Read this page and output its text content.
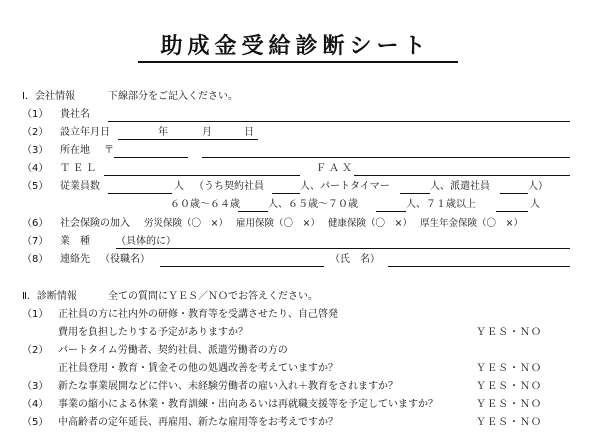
助成金受給診断シート
Ⅰ．会社情報	下線部分をご記入ください。
（1） 貴社名
（2） 設立年月日	年	月	日
（3） 所在地 〒
（4） ＴＥＬ	ＦＡＸ
（5） 従業員数	人 （うち契約社員	人、パートタイマー	人、派遣社員	人）
６０歳～６４歳	人、６５歳～７０歳	人、７１歳以上	人
（6） 社会保険の加入 労災保険（〇　×） 雇用保険（〇　×） 健康保険（〇　×） 厚生年金保険（〇　×）
（7） 業　種	（具体的に）
（8） 連絡先 （役職名）	（氏　名）
Ⅱ．診断情報	全ての質問にＹＥＳ／ＮＯでお答えください。
（1） 正社員の方に社内外の研修・教育等を受講させたり、自己啓発
費用を負担したりする予定がありますか？	ＹＥＳ・ＮＯ
（2） パートタイム労働者、契約社員、派遣労働者の方の
正社員登用・教育・賃金その他の処遇改善を考えていますか？	ＹＥＳ・ＮＯ
（3） 新たな事業展開などに伴い、未経験労働者の雇い入れ＋教育をされますか？	ＹＥＳ・ＮＯ
（4） 事業の縮小による休業・教育訓練・出向あるいは再就職支援等を予定していますか？	ＹＥＳ・ＮＯ
（5） 中高齢者の定年延長、再雇用、新たな雇用等をお考えですか？	ＹＥＳ・ＮＯ
